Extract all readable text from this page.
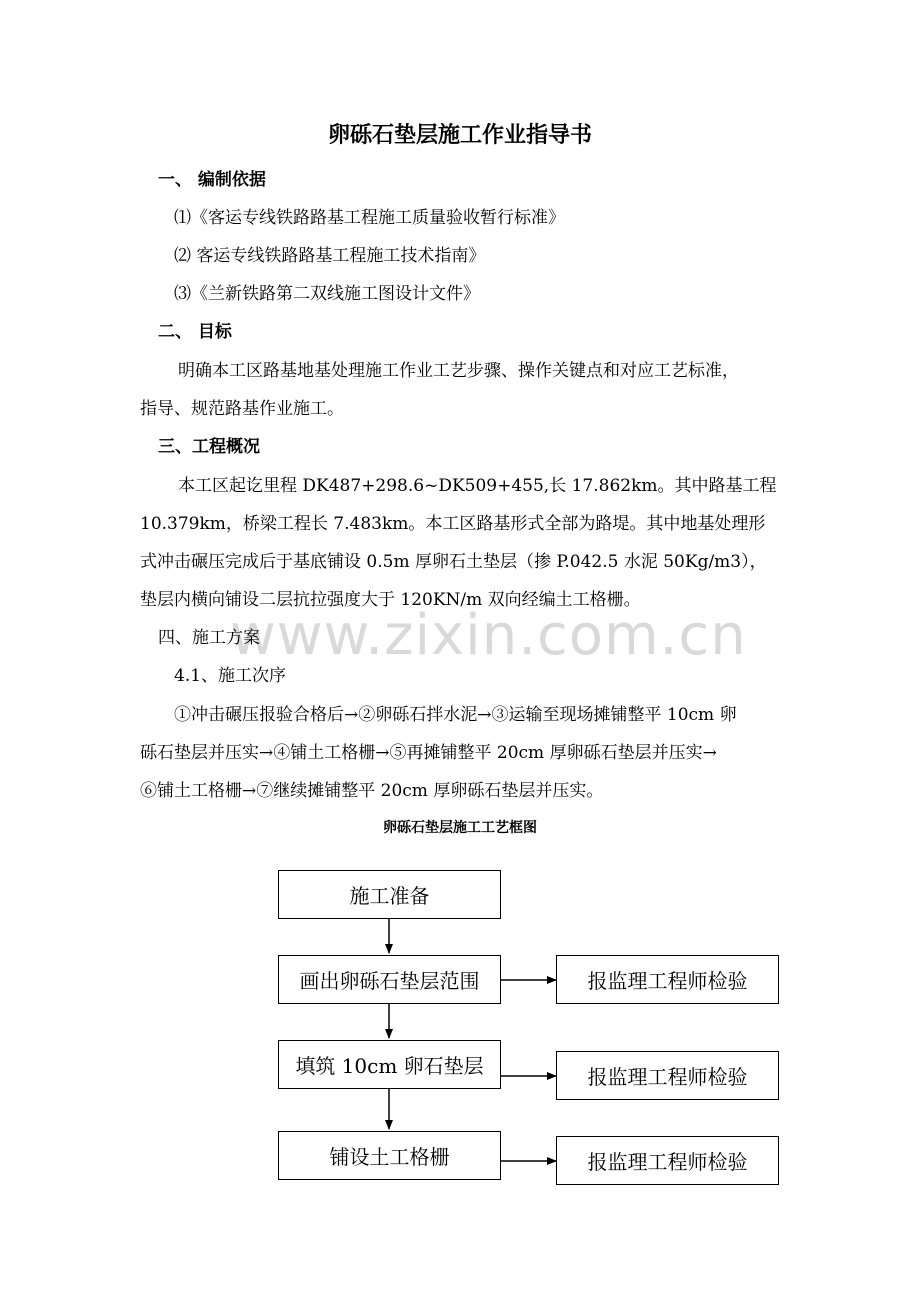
www.zixin.com.cn
卵砾石垫层施工作业指导书
一、 编制依据
⑴《客运专线铁路路基工程施工质量验收暂行标准》
⑵ 客运专线铁路路基工程施工技术指南》
⑶《兰新铁路第二双线施工图设计文件》
二、 目标
明确本工区路基地基处理施工作业工艺步骤、操作关键点和对应工艺标准，
指导、规范路基作业施工。
三、工程概况
本工区起讫里程 DK487+298.6~DK509+455,长 17.862km。其中路基工程
10.379km，桥梁工程长 7.483km。本工区路基形式全部为路堤。其中地基处理形
式冲击碾压完成后于基底铺设 0.5m 厚卵石土垫层（掺 P.042.5 水泥 50Kg/m3），
垫层内横向铺设二层抗拉强度大于 120KN/m 双向经编土工格栅。
四、施工方案
4.1、施工次序
①冲击碾压报验合格后→②卵砾石拌水泥→③运输至现场摊铺整平 10cm 卵
砾石垫层并压实→④铺土工格栅→⑤再摊铺整平 20cm 厚卵砾石垫层并压实→
⑥铺土工格栅→⑦继续摊铺整平 20cm 厚卵砾石垫层并压实。
卵砾石垫层施工工艺框图
施工准备
画出卵砾石垫层范围
填筑 10cm 卵石垫层
铺设土工格栅
报监理工程师检验
报监理工程师检验
报监理工程师检验
